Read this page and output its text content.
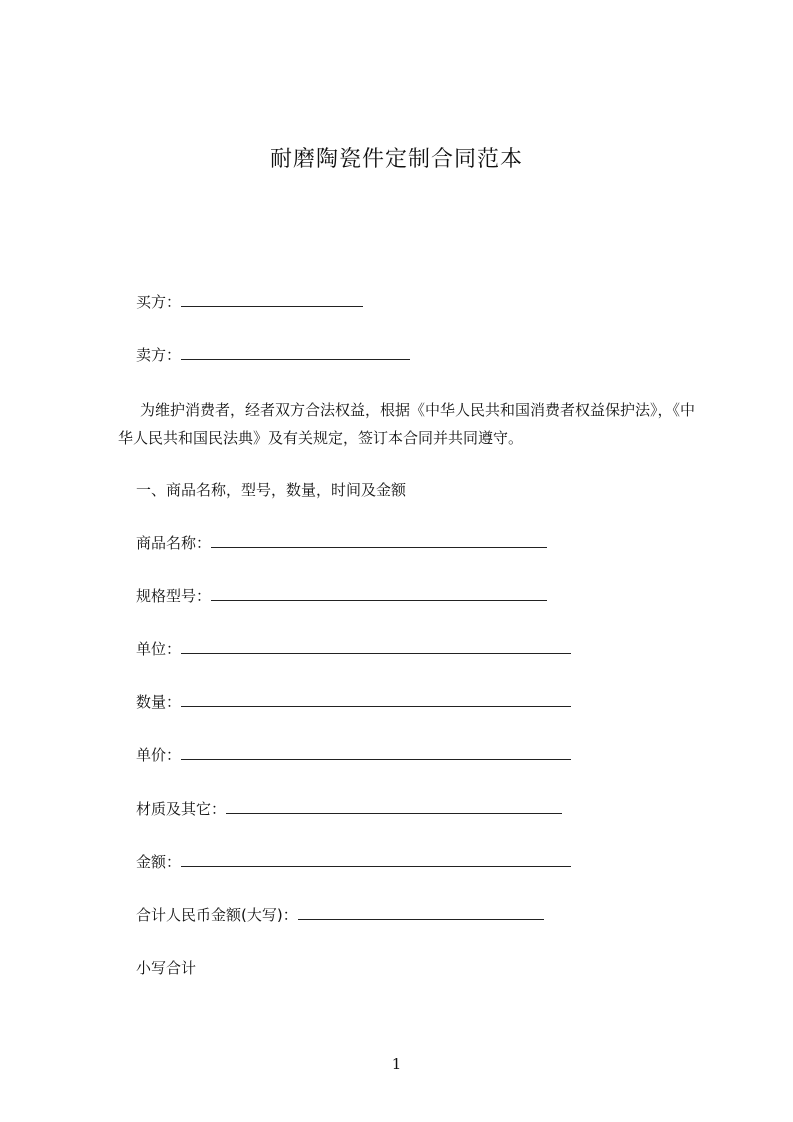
耐磨陶瓷件定制合同范本
买方：
卖方：
为维护消费者，经者双方合法权益，根据《中华人民共和国消费者权益保护法》，《中华人民共和国民法典》及有关规定，签订本合同并共同遵守。
一、商品名称，型号，数量，时间及金额
商品名称：
规格型号：
单位：
数量：
单价：
材质及其它：
金额：
合计人民币金额(大写)：
小写合计
1
